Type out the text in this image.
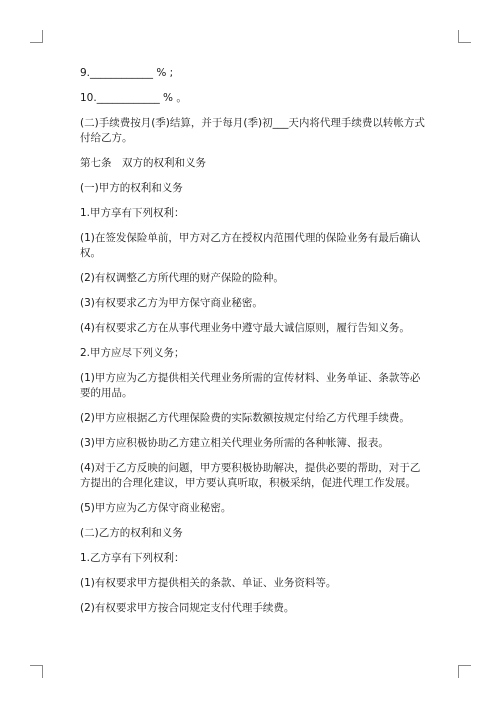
9.____________ % ;

10.____________ % 。

(二)手续费按月(季)结算，并于每月(季)初___天内将代理手续费以转帐方式付给乙方。

第七条　双方的权利和义务

(一)甲方的权利和义务

1.甲方享有下列权利：

(1)在签发保险单前，甲方对乙方在授权内范围代理的保险业务有最后确认权。

(2)有权调整乙方所代理的财产保险的险种。

(3)有权要求乙方为甲方保守商业秘密。

(4)有权要求乙方在从事代理业务中遵守最大诚信原则，履行告知义务。

2.甲方应尽下列义务；

(1)甲方应为乙方提供相关代理业务所需的宣传材料、业务单证、条款等必要的用品。

(2)甲方应根据乙方代理保险费的实际数额按规定付给乙方代理手续费。

(3)甲方应积极协助乙方建立相关代理业务所需的各种帐簿、报表。

(4)对于乙方反映的问题，甲方要积极协助解决，提供必要的帮助，对于乙方提出的合理化建议，甲方要认真听取，积极采纳，促进代理工作发展。

(5)甲方应为乙方保守商业秘密。

(二)乙方的权利和义务

1.乙方享有下列权利：

(1)有权要求甲方提供相关的条款、单证、业务资料等。

(2)有权要求甲方按合同规定支付代理手续费。
